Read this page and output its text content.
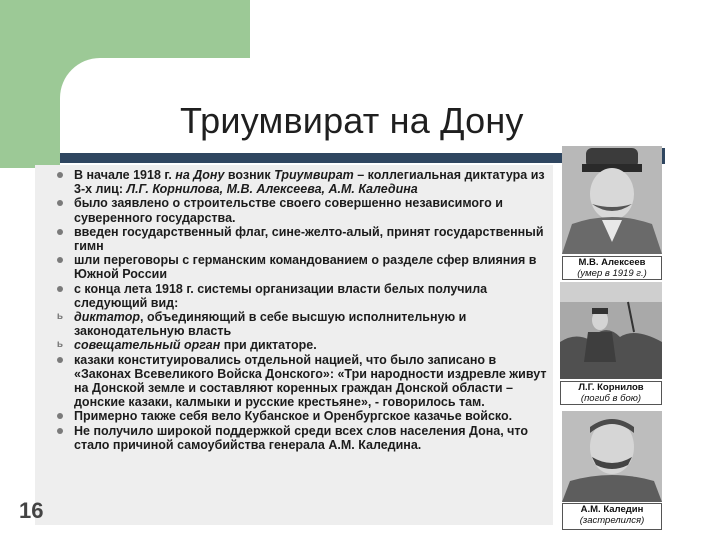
Триумвират на Дону
В начале 1918 г. на Дону возник Триумвират – коллегиальная диктатура из 3-х лиц: Л.Г. Корнилова, М.В. Алексеева, А.М. Каледина
было заявлено о строительстве своего совершенно независимого и суверенного государства.
введен государственный флаг, сине-желто-алый, принят государственный гимн
шли переговоры с германским командованием о разделе сфер влияния в Южной России
с конца лета 1918 г. системы организации власти белых получила следующий вид:
ь диктатор, объединяющий в себе высшую исполнительную и законодательную власть
ь совещательный орган при диктаторе.
казаки конституировались отдельной нацией, что было записано в «Законах Всевеликого Войска Донского»: «Три народности издревле живут на Донской земле и составляют коренных граждан Донской области – донские казаки, калмыки и русские крестьяне», - говорилось там.
Примерно также себя вело Кубанское и Оренбургское казачье войско.
Не получило широкой поддержкой среди всех слов населения Дона, что стало причиной самоубийства генерала А.М. Каледина.
16
М.В. Алексеев
(умер в 1919 г.)
Л.Г. Корнилов
(погиб в бою)
А.М. Каледин
(застрелился)
